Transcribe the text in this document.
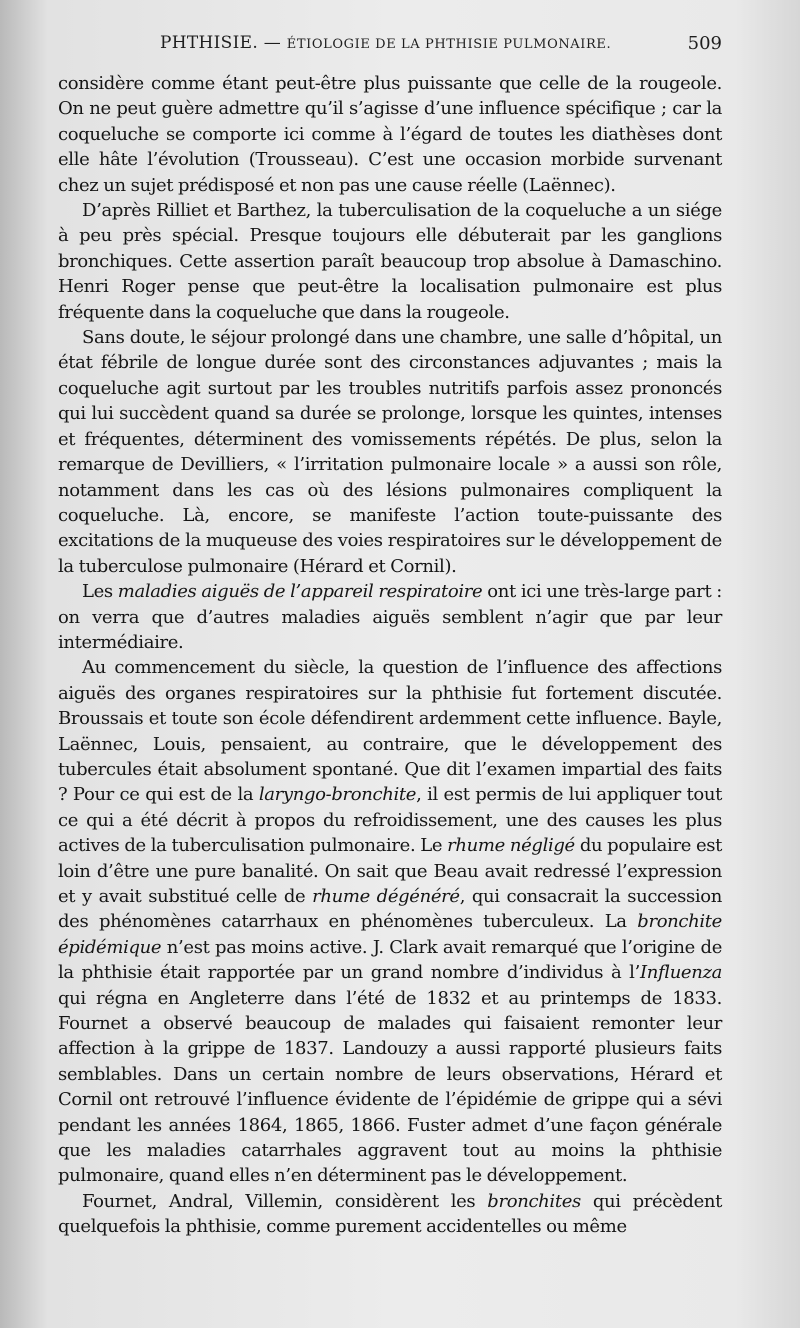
PHTHISIE. — ÉTIOLOGIE DE LA PHTHISIE PULMONAIRE.	509

considère comme étant peut-être plus puissante que celle de la rougeole. On ne peut guère admettre qu’il s’agisse d’une influence spécifique ; car la coqueluche se comporte ici comme à l’égard de toutes les diathèses dont elle hâte l’évolution (Trousseau). C’est une occasion morbide survenant chez un sujet prédisposé et non pas une cause réelle (Laënnec).

D’après Rilliet et Barthez, la tuberculisation de la coqueluche a un siége à peu près spécial. Presque toujours elle débuterait par les ganglions bronchiques. Cette assertion paraît beaucoup trop absolue à Damaschino. Henri Roger pense que peut-être la localisation pulmonaire est plus fréquente dans la coqueluche que dans la rougeole.

Sans doute, le séjour prolongé dans une chambre, une salle d’hôpital, un état fébrile de longue durée sont des circonstances adjuvantes ; mais la coqueluche agit surtout par les troubles nutritifs parfois assez prononcés qui lui succèdent quand sa durée se prolonge, lorsque les quintes, intenses et fréquentes, déterminent des vomissements répétés. De plus, selon la remarque de Devilliers, « l’irritation pulmonaire locale » a aussi son rôle, notamment dans les cas où des lésions pulmonaires compliquent la coqueluche. Là, encore, se manifeste l’action toute-puissante des excitations de la muqueuse des voies respiratoires sur le développement de la tuberculose pulmonaire (Hérard et Cornil).

Les maladies aiguës de l’appareil respiratoire ont ici une très-large part : on verra que d’autres maladies aiguës semblent n’agir que par leur intermédiaire.

Au commencement du siècle, la question de l’influence des affections aiguës des organes respiratoires sur la phthisie fut fortement discutée. Broussais et toute son école défendirent ardemment cette influence. Bayle, Laënnec, Louis, pensaient, au contraire, que le développement des tubercules était absolument spontané. Que dit l’examen impartial des faits ? Pour ce qui est de la laryngo-bronchite, il est permis de lui appliquer tout ce qui a été décrit à propos du refroidissement, une des causes les plus actives de la tuberculisation pulmonaire. Le rhume négligé du populaire est loin d’être une pure banalité. On sait que Beau avait redressé l’expression et y avait substitué celle de rhume dégénéré, qui consacrait la succession des phénomènes catarrhaux en phénomènes tuberculeux. La bronchite épidémique n’est pas moins active. J. Clark avait remarqué que l’origine de la phthisie était rapportée par un grand nombre d’individus à l’Influenza qui régna en Angleterre dans l’été de 1832 et au printemps de 1833. Fournet a observé beaucoup de malades qui faisaient remonter leur affection à la grippe de 1837. Landouzy a aussi rapporté plusieurs faits semblables. Dans un certain nombre de leurs observations, Hérard et Cornil ont retrouvé l’influence évidente de l’épidémie de grippe qui a sévi pendant les années 1864, 1865, 1866. Fuster admet d’une façon générale que les maladies catarrhales aggravent tout au moins la phthisie pulmonaire, quand elles n’en déterminent pas le développement.

Fournet, Andral, Villemin, considèrent les bronchites qui précèdent quelquefois la phthisie, comme purement accidentelles ou même
